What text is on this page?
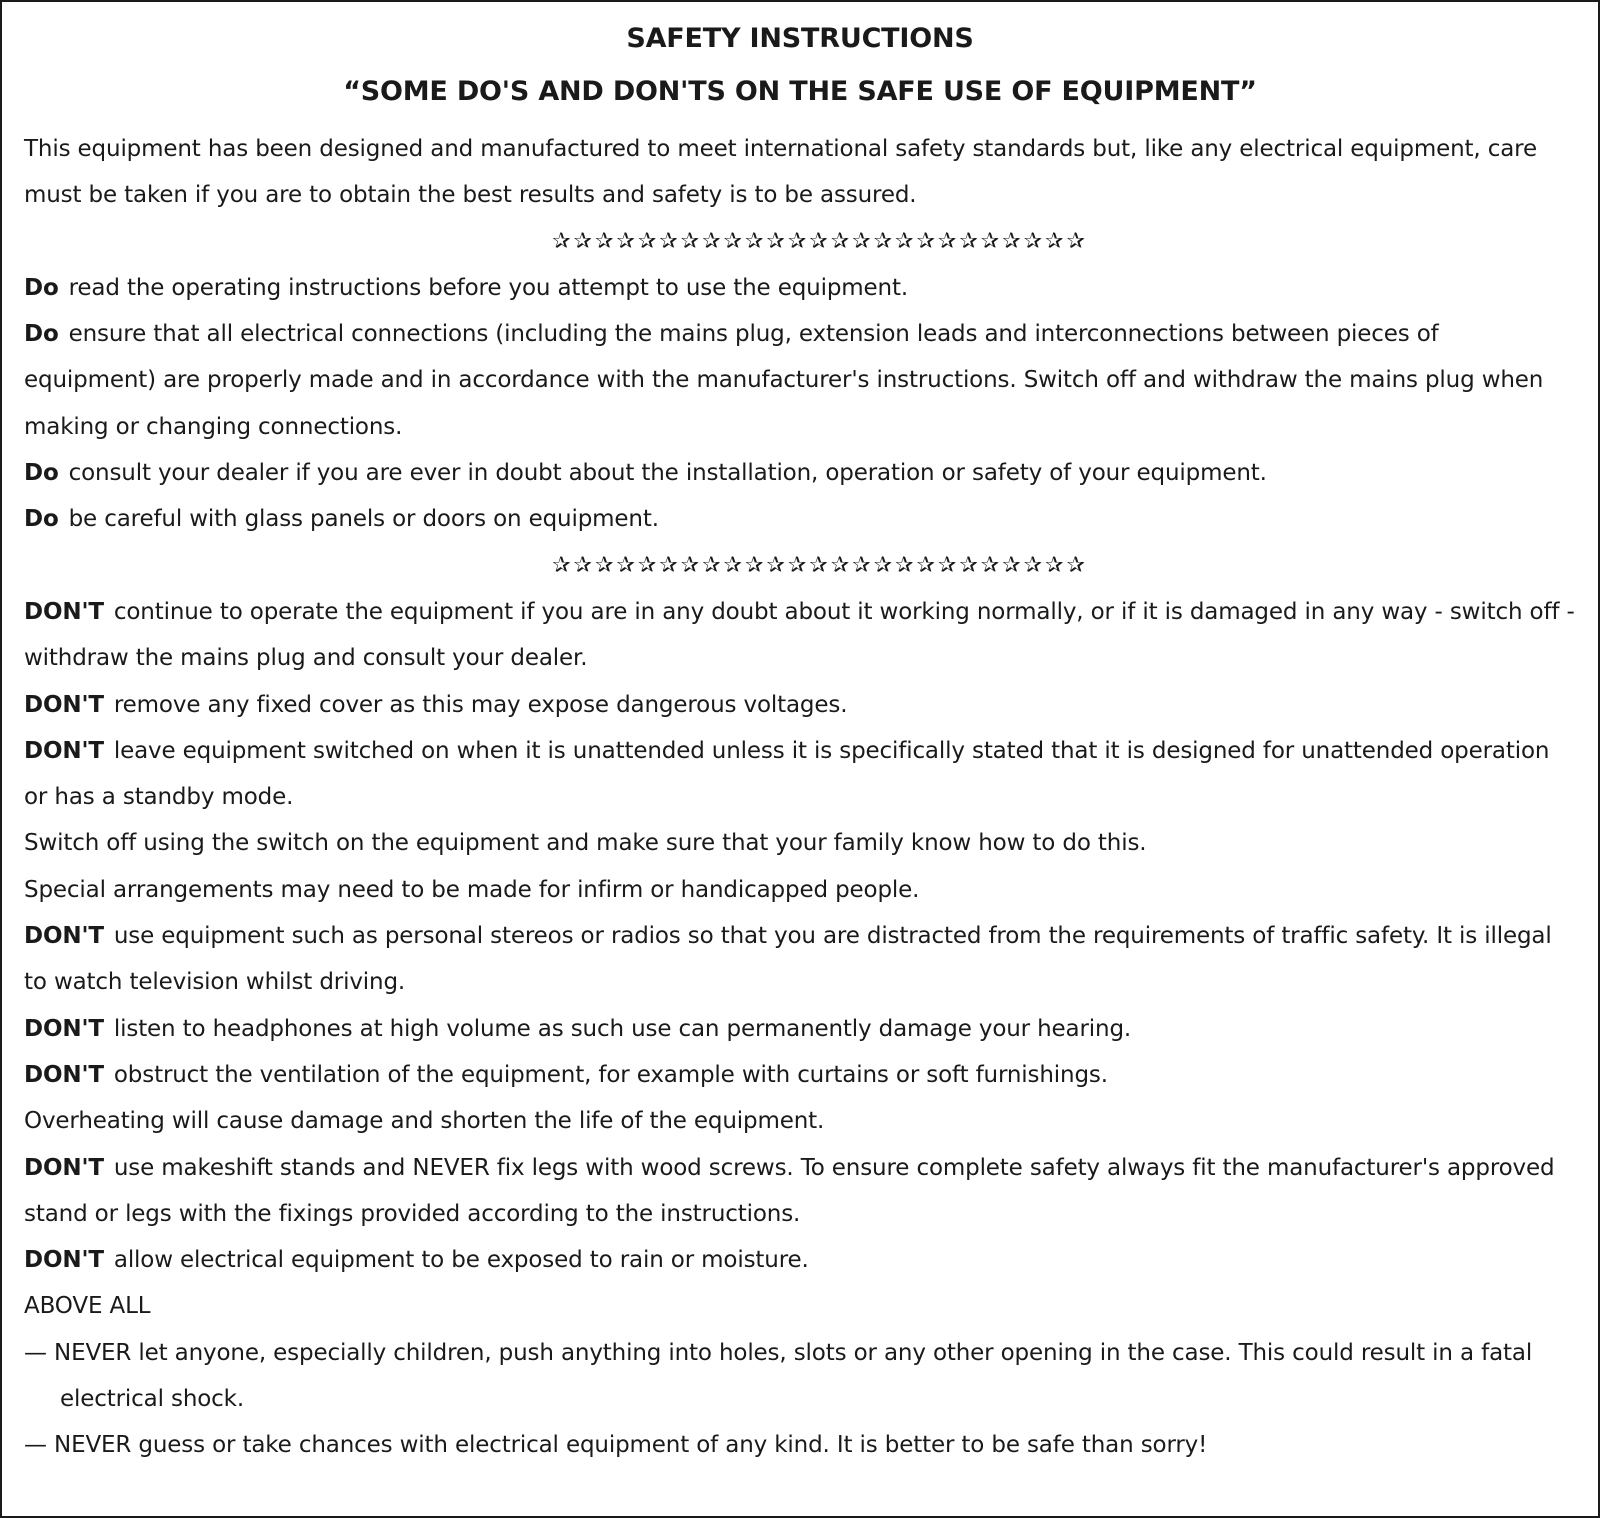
SAFETY INSTRUCTIONS
“SOME DO'S AND DON'TS ON THE SAFE USE OF EQUIPMENT”

This equipment has been designed and manufactured to meet international safety standards but, like any electrical equipment, care must be taken if you are to obtain the best results and safety is to be assured.

✰✰✰✰✰✰✰✰✰✰✰✰✰✰✰✰✰✰✰✰✰✰✰✰✰

Do read the operating instructions before you attempt to use the equipment.

Do ensure that all electrical connections (including the mains plug, extension leads and interconnections between pieces of equipment) are properly made and in accordance with the manufacturer's instructions. Switch off and withdraw the mains plug when making or changing connections.

Do consult your dealer if you are ever in doubt about the installation, operation or safety of your equipment.

Do be careful with glass panels or doors on equipment.

✰✰✰✰✰✰✰✰✰✰✰✰✰✰✰✰✰✰✰✰✰✰✰✰✰

DON'T continue to operate the equipment if you are in any doubt about it working normally, or if it is damaged in any way - switch off - withdraw the mains plug and consult your dealer.

DON'T remove any fixed cover as this may expose dangerous voltages.

DON'T leave equipment switched on when it is unattended unless it is specifically stated that it is designed for unattended operation or has a standby mode.

Switch off using the switch on the equipment and make sure that your family know how to do this.

Special arrangements may need to be made for infirm or handicapped people.

DON'T use equipment such as personal stereos or radios so that you are distracted from the requirements of traffic safety. It is illegal to watch television whilst driving.

DON'T listen to headphones at high volume as such use can permanently damage your hearing.

DON'T obstruct the ventilation of the equipment, for example with curtains or soft furnishings.

Overheating will cause damage and shorten the life of the equipment.

DON'T use makeshift stands and NEVER fix legs with wood screws. To ensure complete safety always fit the manufacturer's approved stand or legs with the fixings provided according to the instructions.

DON'T allow electrical equipment to be exposed to rain or moisture.

ABOVE ALL

— NEVER let anyone, especially children, push anything into holes, slots or any other opening in the case. This could result in a fatal electrical shock.

— NEVER guess or take chances with electrical equipment of any kind. It is better to be safe than sorry!
